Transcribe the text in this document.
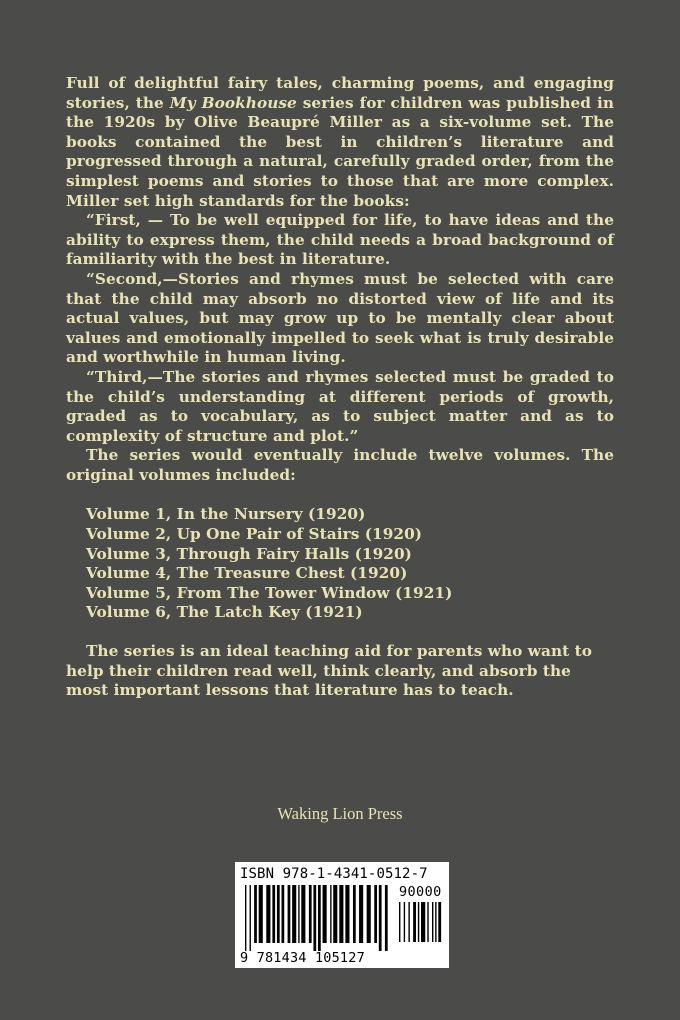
Full of delightful fairy tales, charming poems, and engaging stories, the My Bookhouse series for children was published in the 1920s by Olive Beaupré Miller as a six-volume set. The books contained the best in children’s literature and progressed through a natural, carefully graded order, from the simplest poems and stories to those that are more complex. Miller set high standards for the books:

“First, — To be well equipped for life, to have ideas and the ability to express them, the child needs a broad background of familiarity with the best in literature.

“Second,—Stories and rhymes must be selected with care that the child may absorb no distorted view of life and its actual values, but may grow up to be mentally clear about values and emotionally impelled to seek what is truly desirable and worthwhile in human living.

“Third,—The stories and rhymes selected must be graded to the child’s understanding at different periods of growth, graded as to vocabulary, as to subject matter and as to complexity of structure and plot.”

The series would eventually include twelve volumes. The original volumes included:

Volume 1, In the Nursery (1920)
Volume 2, Up One Pair of Stairs (1920)
Volume 3, Through Fairy Halls (1920)
Volume 4, The Treasure Chest (1920)
Volume 5, From The Tower Window (1921)
Volume 6, The Latch Key (1921)

The series is an ideal teaching aid for parents who want to help their children read well, think clearly, and absorb the most important lessons that literature has to teach.

Waking Lion Press
ISBN 978-1-4341-0512-7
90000
9 781434 105127
